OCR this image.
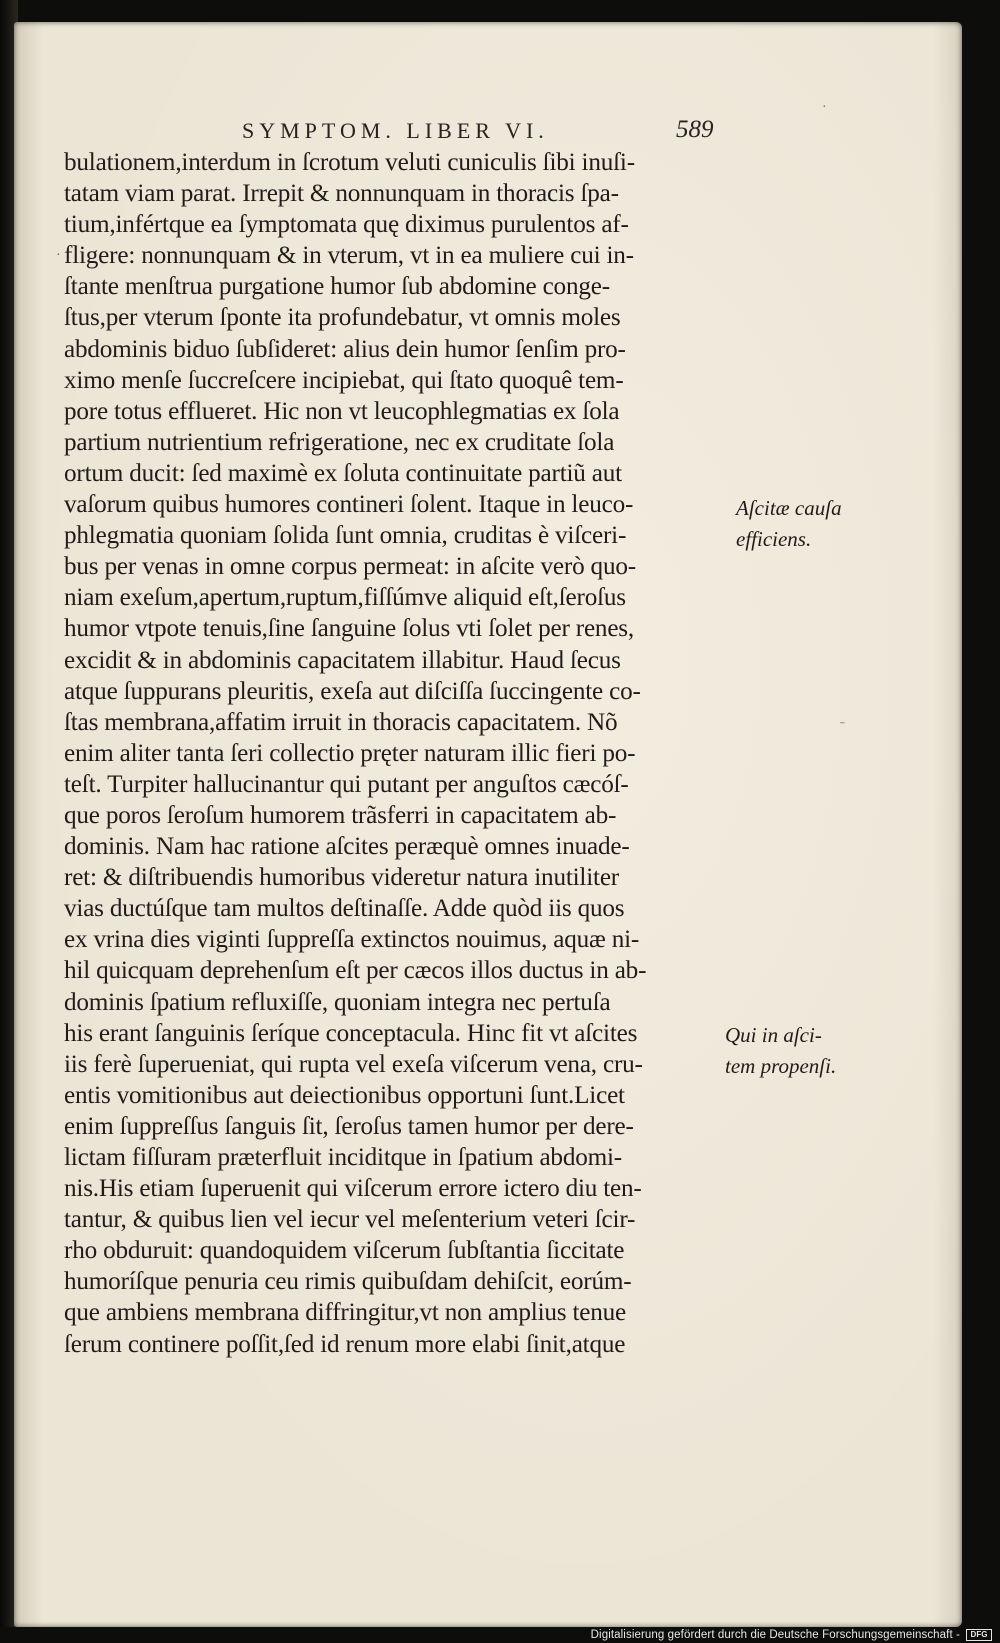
SYMPTOM. LIBER VI.	589
·
ˉ
·
bulationem,interdum in ſcrotum veluti cuniculis ſibi inuſi-
tatam viam parat. Irrepit & nonnunquam in thoracis ſpa-
tium,infértque ea ſymptomata quę diximus purulentos af-
fligere: nonnunquam & in vterum, vt in ea muliere cui in-
ſtante menſtrua purgatione humor ſub abdomine conge-
ſtus,per vterum ſponte ita profundebatur, vt omnis moles
abdominis biduo ſubſideret: alius dein humor ſenſim pro-
ximo menſe ſuccreſcere incipiebat, qui ſtato quoquê tem-
pore totus efflueret. Hic non vt leucophlegmatias ex ſola
partium nutrientium refrigeratione, nec ex cruditate ſola
ortum ducit: ſed maximè ex ſoluta continuitate partiũ aut
vaſorum quibus humores contineri ſolent. Itaque in leuco-
phlegmatia quoniam ſolida ſunt omnia, cruditas è viſceri-
bus per venas in omne corpus permeat: in aſcite verò quo-
niam exeſum,apertum,ruptum,fiſſúmve aliquid eſt,ſeroſus
humor vtpote tenuis,ſine ſanguine ſolus vti ſolet per renes,
excidit & in abdominis capacitatem illabitur. Haud ſecus
atque ſuppurans pleuritis, exeſa aut diſciſſa ſuccingente co-
ſtas membrana,affatim irruit in thoracis capacitatem. Nõ
enim aliter tanta ſeri collectio pręter naturam illic fieri po-
teſt. Turpiter hallucinantur qui putant per anguſtos cæcóſ-
que poros ſeroſum humorem trãsferri in capacitatem ab-
dominis. Nam hac ratione aſcites peræquè omnes inuade-
ret: & diſtribuendis humoribus videretur natura inutiliter
vias ductúſque tam multos deſtinaſſe. Adde quòd iis quos
ex vrina dies viginti ſuppreſſa extinctos nouimus, aquæ ni-
hil quicquam deprehenſum eſt per cæcos illos ductus in ab-
dominis ſpatium refluxiſſe, quoniam integra nec pertuſa
his erant ſanguinis ſeríque conceptacula. Hinc fit vt aſcites
iis ferè ſuperueniat, qui rupta vel exeſa viſcerum vena, cru-
entis vomitionibus aut deiectionibus opportuni ſunt.Licet
enim ſuppreſſus ſanguis ſit, ſeroſus tamen humor per dere-
lictam fiſſuram præterfluit inciditque in ſpatium abdomi-
nis.His etiam ſuperuenit qui viſcerum errore ictero diu ten-
tantur, & quibus lien vel iecur vel meſenterium veteri ſcir-
rho obduruit: quandoquidem viſcerum ſubſtantia ſiccitate
humoríſque penuria ceu rimis quibuſdam dehiſcit, eorúm-
que ambiens membrana diffringitur,vt non amplius tenue
ſerum continere poſſit,ſed id renum more elabi ſinit,atque
Aſcitæ cauſa
efficiens.
Qui in aſci-
tem propenſi.
Digitalisierung gefördert durch die Deutsche Forschungsgemeinschaft -	DFG
